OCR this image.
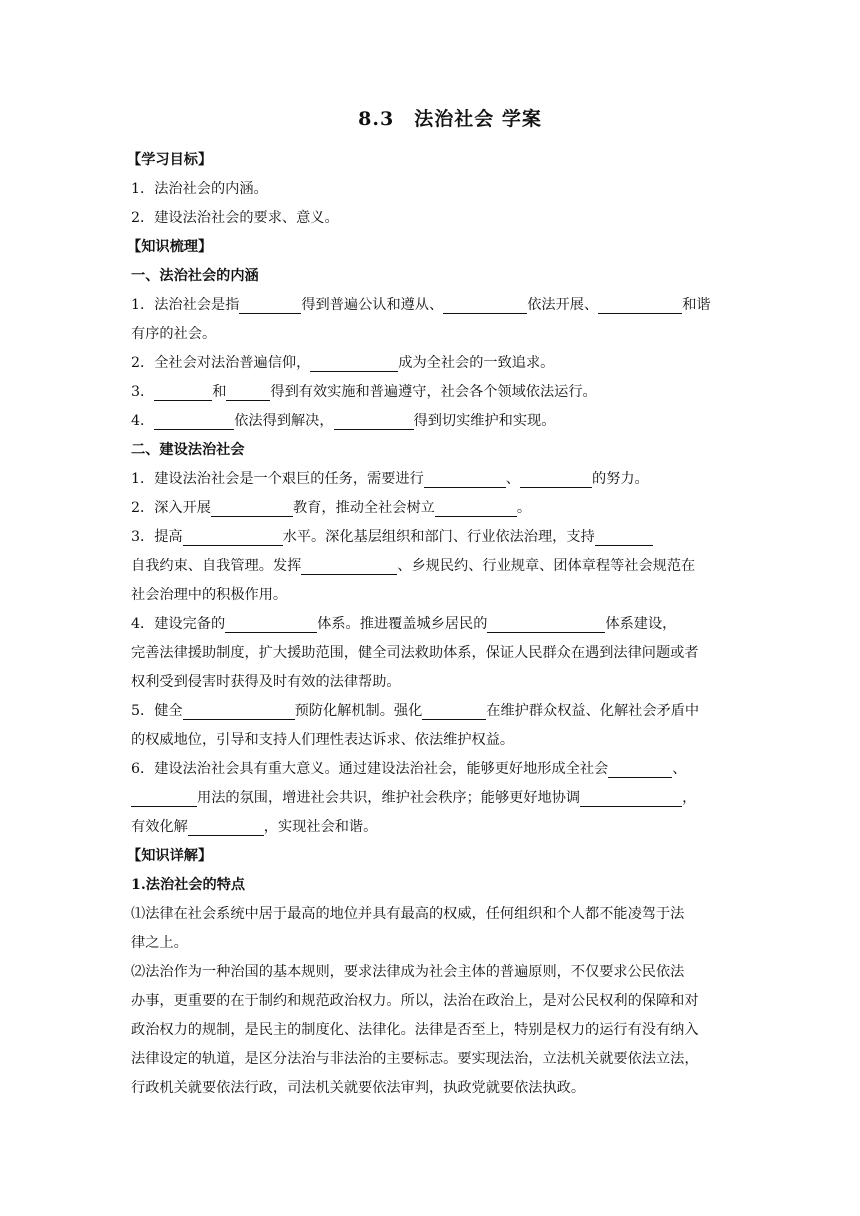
8.3　法治社会 学案
【学习目标】
1．法治社会的内涵。
2．建设法治社会的要求、意义。
【知识梳理】
一、法治社会的内涵
1．法治社会是指	得到普遍公认和遵从、	依法开展、	和谐
有序的社会。
2．全社会对法治普遍信仰，	成为全社会的一致追求。
3．	和	得到有效实施和普遍遵守，社会各个领域依法运行。
4．	依法得到解决，	得到切实维护和实现。
二、建设法治社会
1．建设法治社会是一个艰巨的任务，需要进行	、	的努力。
2．深入开展	教育，推动全社会树立	。
3．提高	水平。深化基层组织和部门、行业依法治理，支持
自我约束、自我管理。发挥	、乡规民约、行业规章、团体章程等社会规范在
社会治理中的积极作用。
4．建设完备的	体系。推进覆盖城乡居民的	体系建设，
完善法律援助制度，扩大援助范围，健全司法救助体系，保证人民群众在遇到法律问题或者
权利受到侵害时获得及时有效的法律帮助。
5．健全	预防化解机制。强化	在维护群众权益、化解社会矛盾中
的权威地位，引导和支持人们理性表达诉求、依法维护权益。
6．建设法治社会具有重大意义。通过建设法治社会，能够更好地形成全社会	、
用法的氛围，增进社会共识，维护社会秩序；能够更好地协调	，
有效化解	，实现社会和谐。
【知识详解】
1.法治社会的特点
⑴法律在社会系统中居于最高的地位并具有最高的权威，任何组织和个人都不能凌驾于法
律之上。
⑵法治作为一种治国的基本规则，要求法律成为社会主体的普遍原则，不仅要求公民依法
办事，更重要的在于制约和规范政治权力。所以，法治在政治上，是对公民权利的保障和对
政治权力的规制，是民主的制度化、法律化。法律是否至上，特别是权力的运行有没有纳入
法律设定的轨道，是区分法治与非法治的主要标志。要实现法治，立法机关就要依法立法，
行政机关就要依法行政，司法机关就要依法审判，执政党就要依法执政。
